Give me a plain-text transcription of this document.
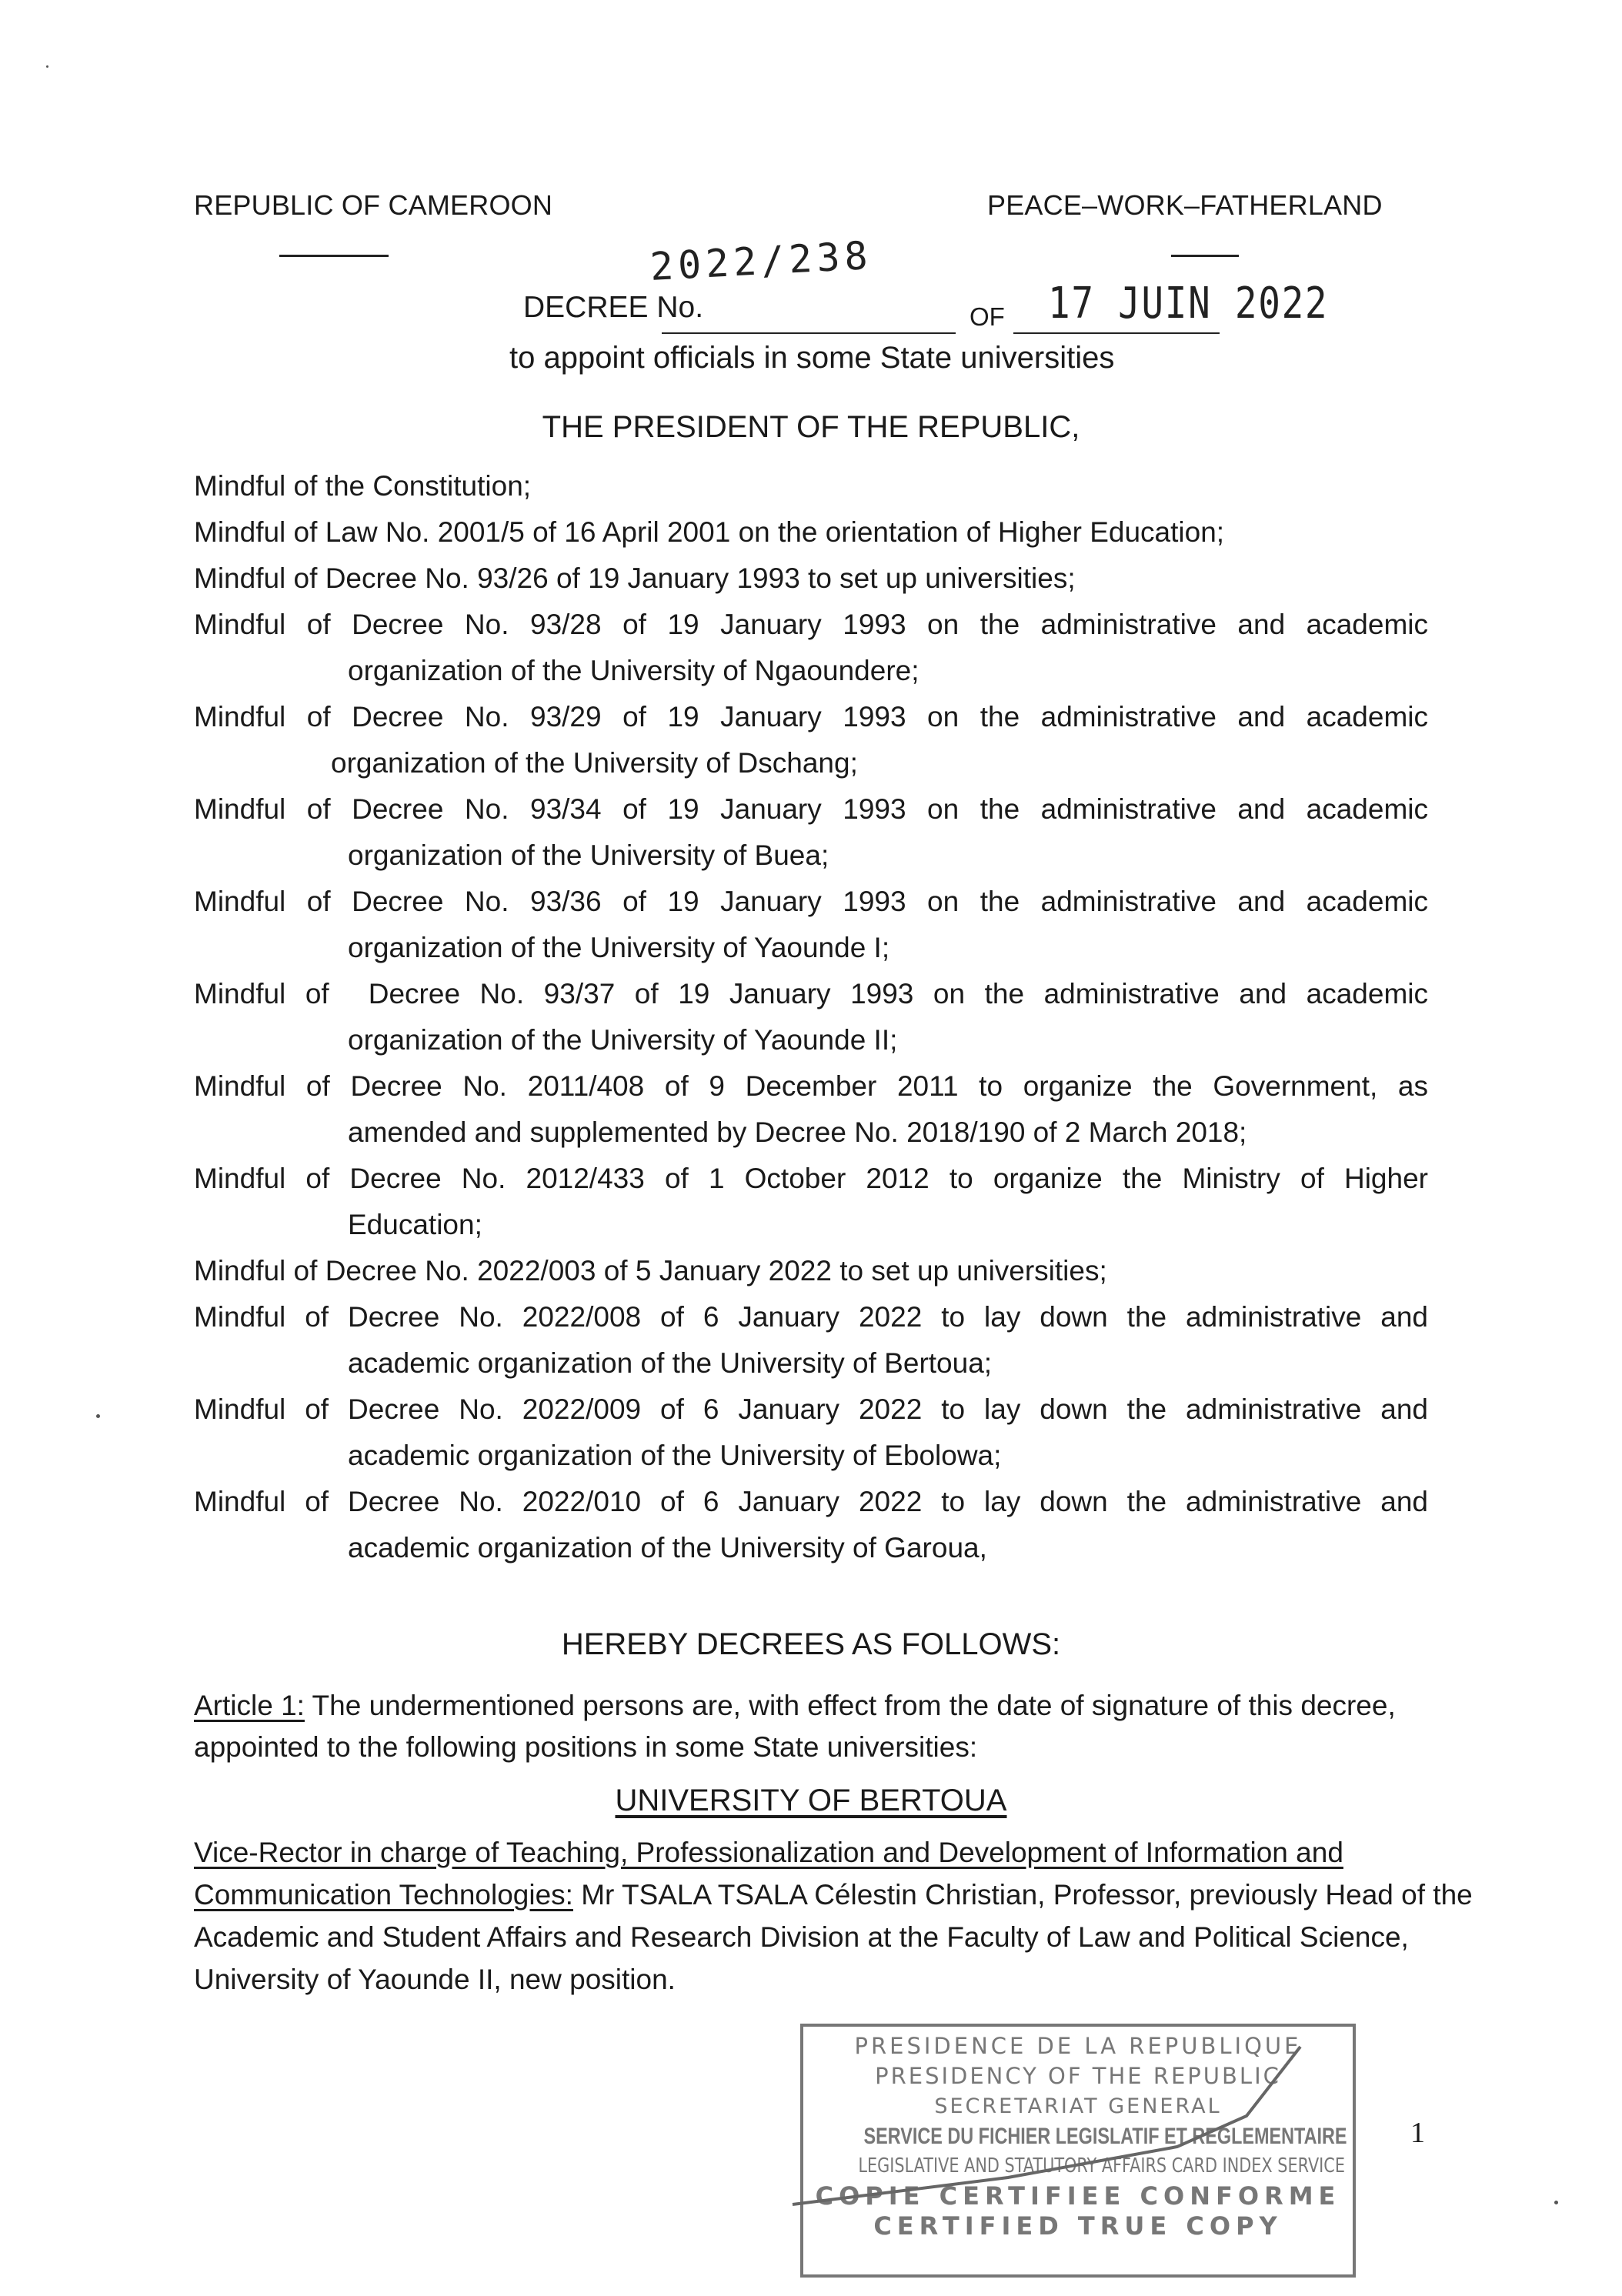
REPUBLIC OF CAMEROON	PEACE–WORK–FATHERLAND
DECREE No.
2022/238
OF 17 JUIN 2022
to appoint officials in some State universities
THE PRESIDENT OF THE REPUBLIC,
Mindful of the Constitution;
Mindful of Law No. 2001/5 of 16 April 2001 on the orientation of Higher Education;
Mindful of Decree No. 93/26 of 19 January 1993 to set up universities;
Mindful of Decree No. 93/28 of 19 January 1993 on the administrative and academic
organization of the University of Ngaoundere;
Mindful of Decree No. 93/29 of 19 January 1993 on the administrative and academic
organization of the University of Dschang;
Mindful of Decree No. 93/34 of 19 January 1993 on the administrative and academic
organization of the University of Buea;
Mindful of Decree No. 93/36 of 19 January 1993 on the administrative and academic
organization of the University of Yaounde I;
Mindful of  Decree No. 93/37 of 19 January 1993 on the administrative and academic
organization of the University of Yaounde II;
Mindful of Decree No. 2011/408 of 9 December 2011 to organize the Government, as
amended and supplemented by Decree No. 2018/190 of 2 March 2018;
Mindful of Decree No. 2012/433 of 1 October 2012 to organize the Ministry of Higher
Education;
Mindful of Decree No. 2022/003 of 5 January 2022 to set up universities;
Mindful of Decree No. 2022/008 of 6 January 2022 to lay down the administrative and
academic organization of the University of Bertoua;
Mindful of Decree No. 2022/009 of 6 January 2022 to lay down the administrative and
academic organization of the University of Ebolowa;
Mindful of Decree No. 2022/010 of 6 January 2022 to lay down the administrative and
academic organization of the University of Garoua,
HEREBY DECREES AS FOLLOWS:
Article 1: The undermentioned persons are, with effect from the date of signature of this decree, appointed to the following positions in some State universities:
UNIVERSITY OF BERTOUA
Vice-Rector in charge of Teaching, Professionalization and Development of Information and Communication Technologies: Mr TSALA TSALA Célestin Christian, Professor, previously Head of the Academic and Student Affairs and Research Division at the Faculty of Law and Political Science, University of Yaounde II, new position.
PRESIDENCE DE LA REPUBLIQUE
PRESIDENCY OF THE REPUBLIC
SECRETARIAT GENERAL
SERVICE DU FICHIER LEGISLATIF ET REGLEMENTAIRE
LEGISLATIVE AND STATUTORY AFFAIRS CARD INDEX SERVICE
COPIE CERTIFIEE CONFORME
CERTIFIED TRUE COPY
1
